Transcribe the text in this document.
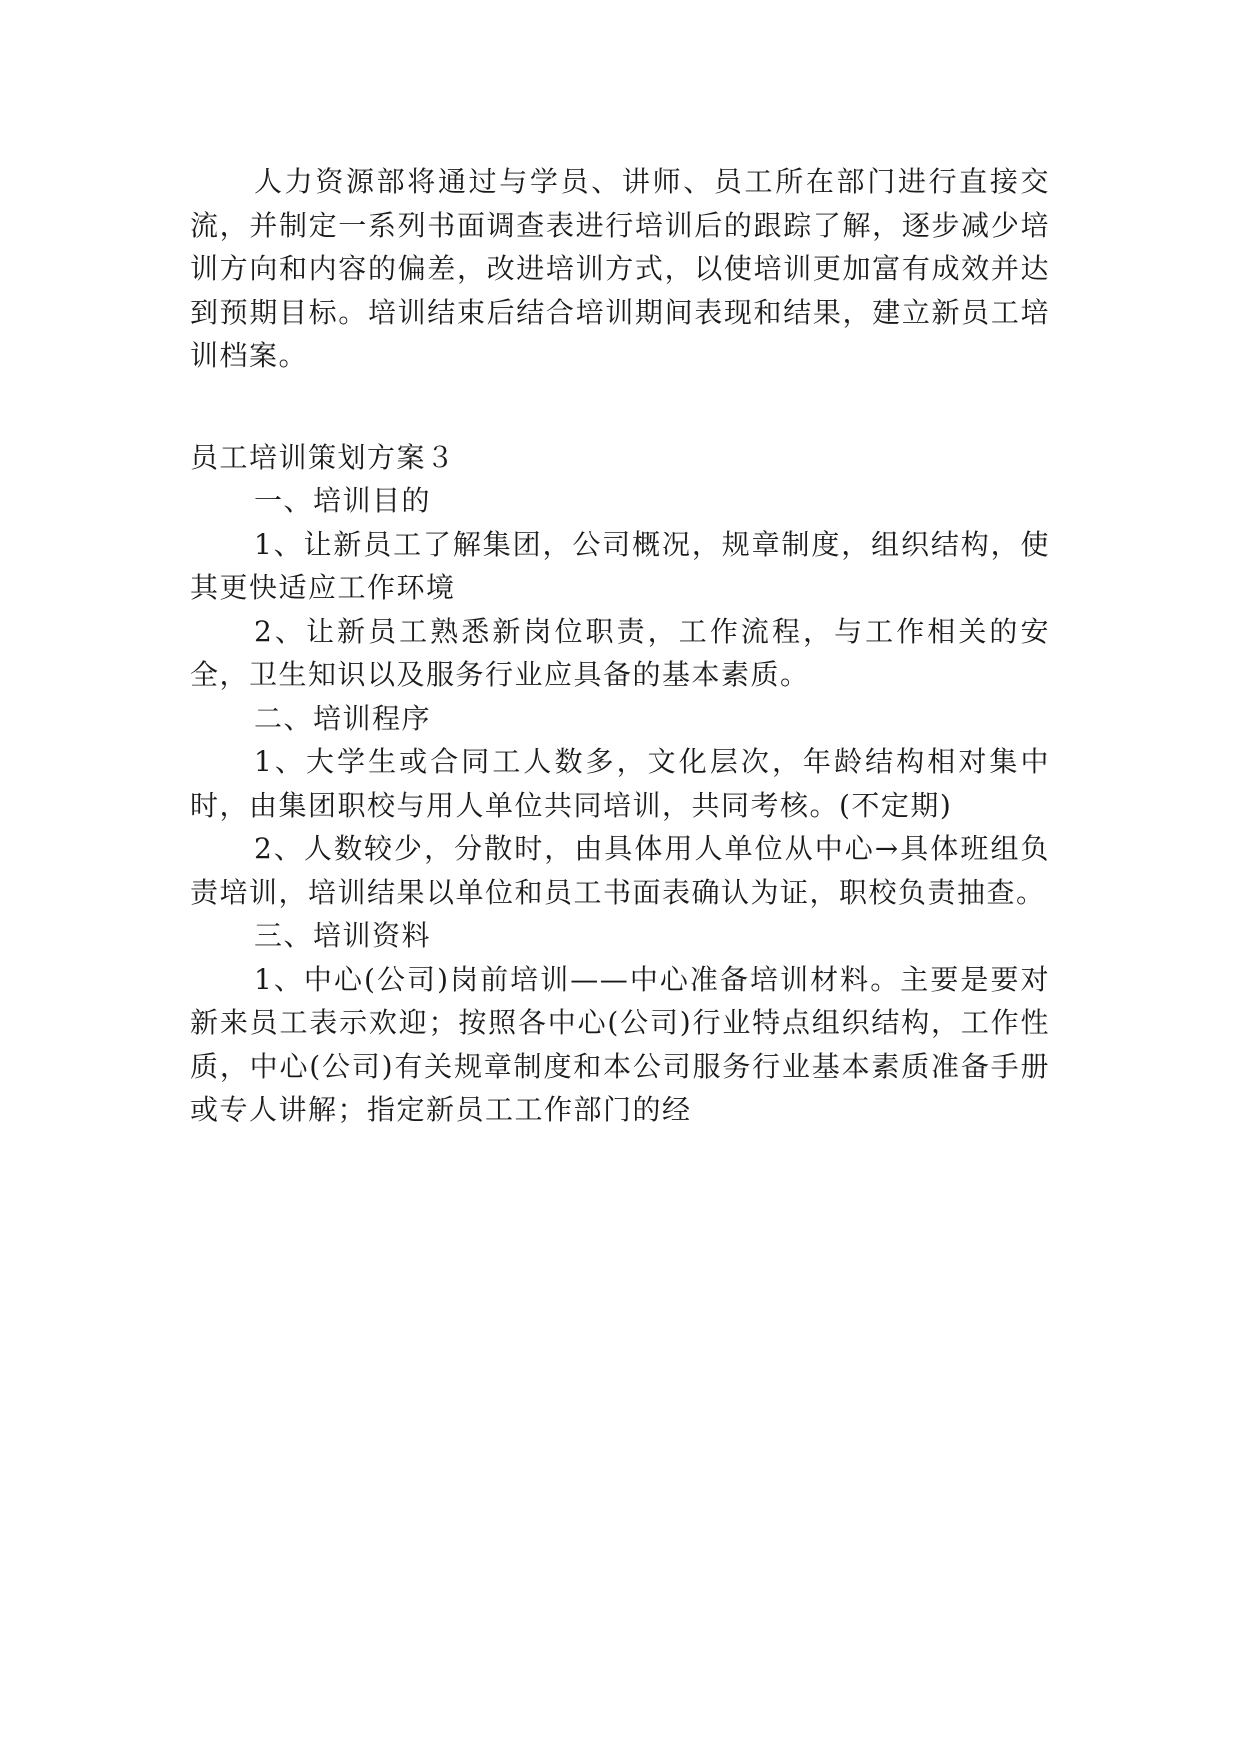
人力资源部将通过与学员、讲师、员工所在部门进行直接交流，并制定一系列书面调查表进行培训后的跟踪了解，逐步减少培训方向和内容的偏差，改进培训方式，以使培训更加富有成效并达到预期目标。培训结束后结合培训期间表现和结果，建立新员工培训档案。

员工培训策划方案３

一、培训目的

1、让新员工了解集团，公司概况，规章制度，组织结构，使其更快适应工作环境

2、让新员工熟悉新岗位职责，工作流程，与工作相关的安全，卫生知识以及服务行业应具备的基本素质。

二、培训程序

1、大学生或合同工人数多，文化层次，年龄结构相对集中时，由集团职校与用人单位共同培训，共同考核。(不定期)

2、人数较少，分散时，由具体用人单位从中心→具体班组负责培训，培训结果以单位和员工书面表确认为证，职校负责抽查。

三、培训资料

1、中心(公司)岗前培训——中心准备培训材料。主要是要对新来员工表示欢迎；按照各中心(公司)行业特点组织结构，工作性质，中心(公司)有关规章制度和本公司服务行业基本素质准备手册或专人讲解；指定新员工工作部门的经
